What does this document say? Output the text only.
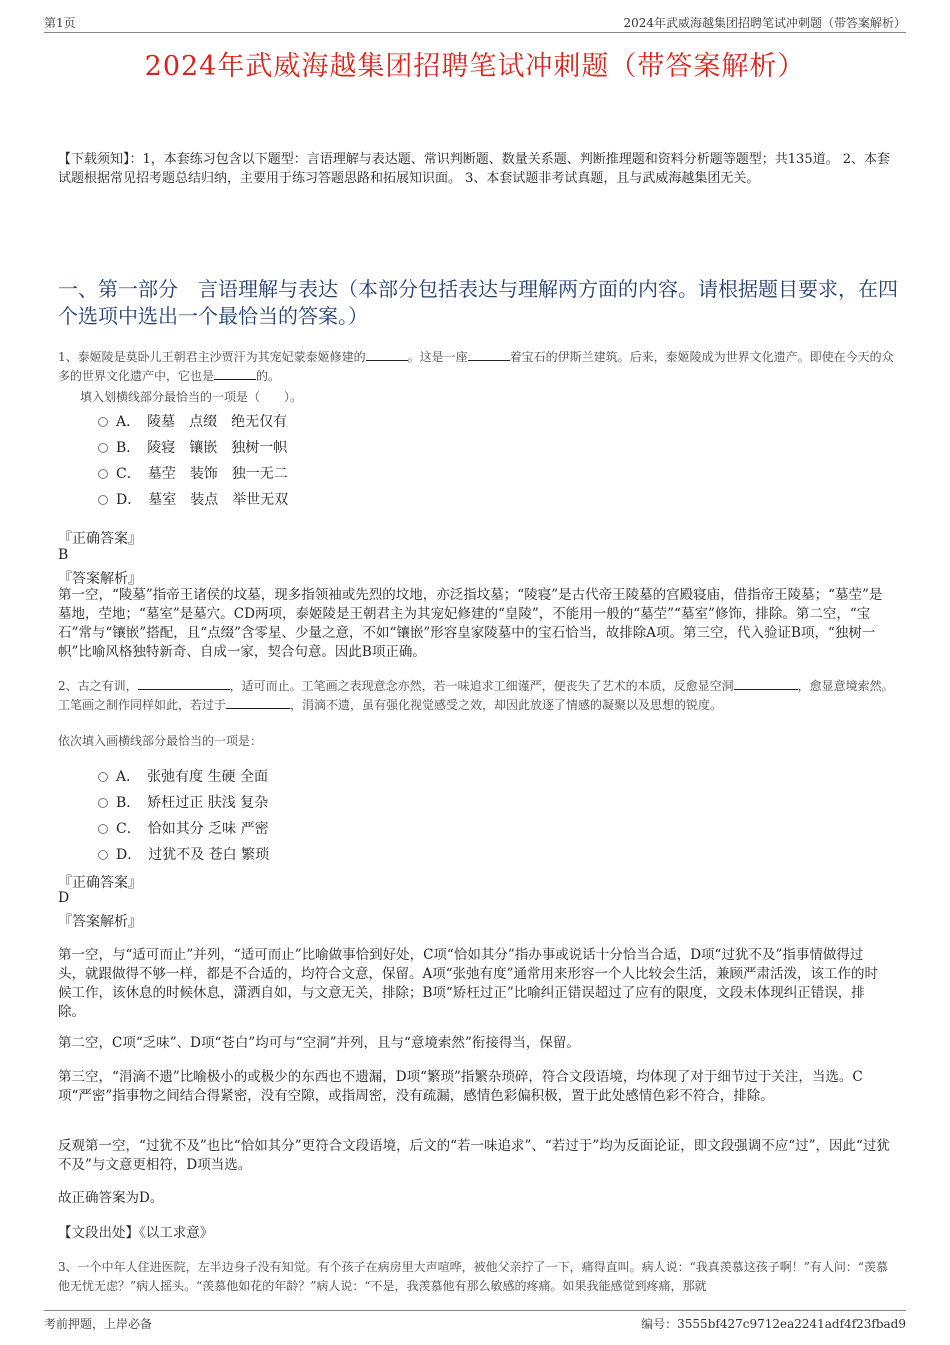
第1页	2024年武威海越集团招聘笔试冲刺题（带答案解析）
2024年武威海越集团招聘笔试冲刺题（带答案解析）
【下载须知】：1，本套练习包含以下题型：言语理解与表达题、常识判断题、数量关系题、判断推理题和资料分析题等题型；共135道。 2、本套试题根据常见招考题总结归纳，主要用于练习答题思路和拓展知识面。 3、本套试题非考试真题，且与武威海越集团无关。
一、第一部分　言语理解与表达（本部分包括表达与理解两方面的内容。请根据题目要求，在四个选项中选出一个最恰当的答案。）
1、泰姬陵是莫卧儿王朝君主沙贾汗为其宠妃蒙泰姬修建的	。这是一座	着宝石的伊斯兰建筑。后来，泰姬陵成为世界文化遗产。即使在今天的众多的世界文化遗产中，它也是	的。
填入划横线部分最恰当的一项是（　　）。
A．　陵墓　点缀　绝无仅有
B．　陵寝　镶嵌　独树一帜
C．　墓茔　装饰　独一无二
D．　墓室　装点　举世无双
『正确答案』
B
『答案解析』
第一空，“陵墓”指帝王诸侯的坟墓，现多指领袖或先烈的坟地，亦泛指坟墓；“陵寝”是古代帝王陵墓的宫殿寝庙，借指帝王陵墓；“墓茔”是墓地，茔地；“墓室”是墓穴。CD两项，泰姬陵是王朝君主为其宠妃修建的“皇陵”，不能用一般的“墓茔”“墓室”修饰，排除。第二空，“宝石”常与“镶嵌”搭配，且“点缀”含零星、少量之意，不如“镶嵌”形容皇家陵墓中的宝石恰当，故排除A项。第三空，代入验证B项，“独树一帜”比喻风格独特新奇、自成一家，契合句意。因此B项正确。
2、古之有训，	，适可而止。工笔画之表现意念亦然，若一味追求工细谨严，便丧失了艺术的本质，反愈显空洞	，愈显意境索然。工笔画之制作同样如此，若过于	，涓滴不遗，虽有强化视觉感受之效，却因此放逐了情感的凝聚以及思想的锐度。
依次填入画横线部分最恰当的一项是：
A．　张弛有度 生硬 全面
B．　矫枉过正 肤浅 复杂
C．　恰如其分 乏味 严密
D．　过犹不及 苍白 繁琐
『正确答案』
D
『答案解析』
第一空，与“适可而止”并列，“适可而止”比喻做事恰到好处，C项“恰如其分”指办事或说话十分恰当合适，D项“过犹不及”指事情做得过头，就跟做得不够一样，都是不合适的，均符合文意，保留。A项“张弛有度”通常用来形容一个人比较会生活，兼顾严肃活泼，该工作的时候工作，该休息的时候休息，潇洒自如，与文意无关，排除；B项“矫枉过正”比喻纠正错误超过了应有的限度，文段未体现纠正错误，排除。
第二空，C项“乏味”、D项“苍白”均可与“空洞”并列，且与“意境索然”衔接得当，保留。
第三空，“涓滴不遗”比喻极小的或极少的东西也不遗漏，D项“繁琐”指繁杂琐碎，符合文段语境，均体现了对于细节过于关注，当选。C项“严密”指事物之间结合得紧密，没有空隙，或指周密，没有疏漏，感情色彩偏积极，置于此处感情色彩不符合，排除。
反观第一空，“过犹不及”也比“恰如其分”更符合文段语境，后文的“若一味追求”、“若过于”均为反面论证，即文段强调不应“过”，因此“过犹不及”与文意更相符，D项当选。
故正确答案为D。
【文段出处】《以工求意》
3、一个中年人住进医院，左半边身子没有知觉。有个孩子在病房里大声喧哗，被他父亲拧了一下，痛得直叫。病人说：“我真羡慕这孩子啊！”有人问：“羡慕他无忧无虑？”病人摇头。“羡慕他如花的年龄？”病人说：“不是，我羡慕他有那么敏感的疼痛。如果我能感觉到疼痛，那就
考前押题，上岸必备	编号：3555bf427c9712ea2241adf4f23fbad9
